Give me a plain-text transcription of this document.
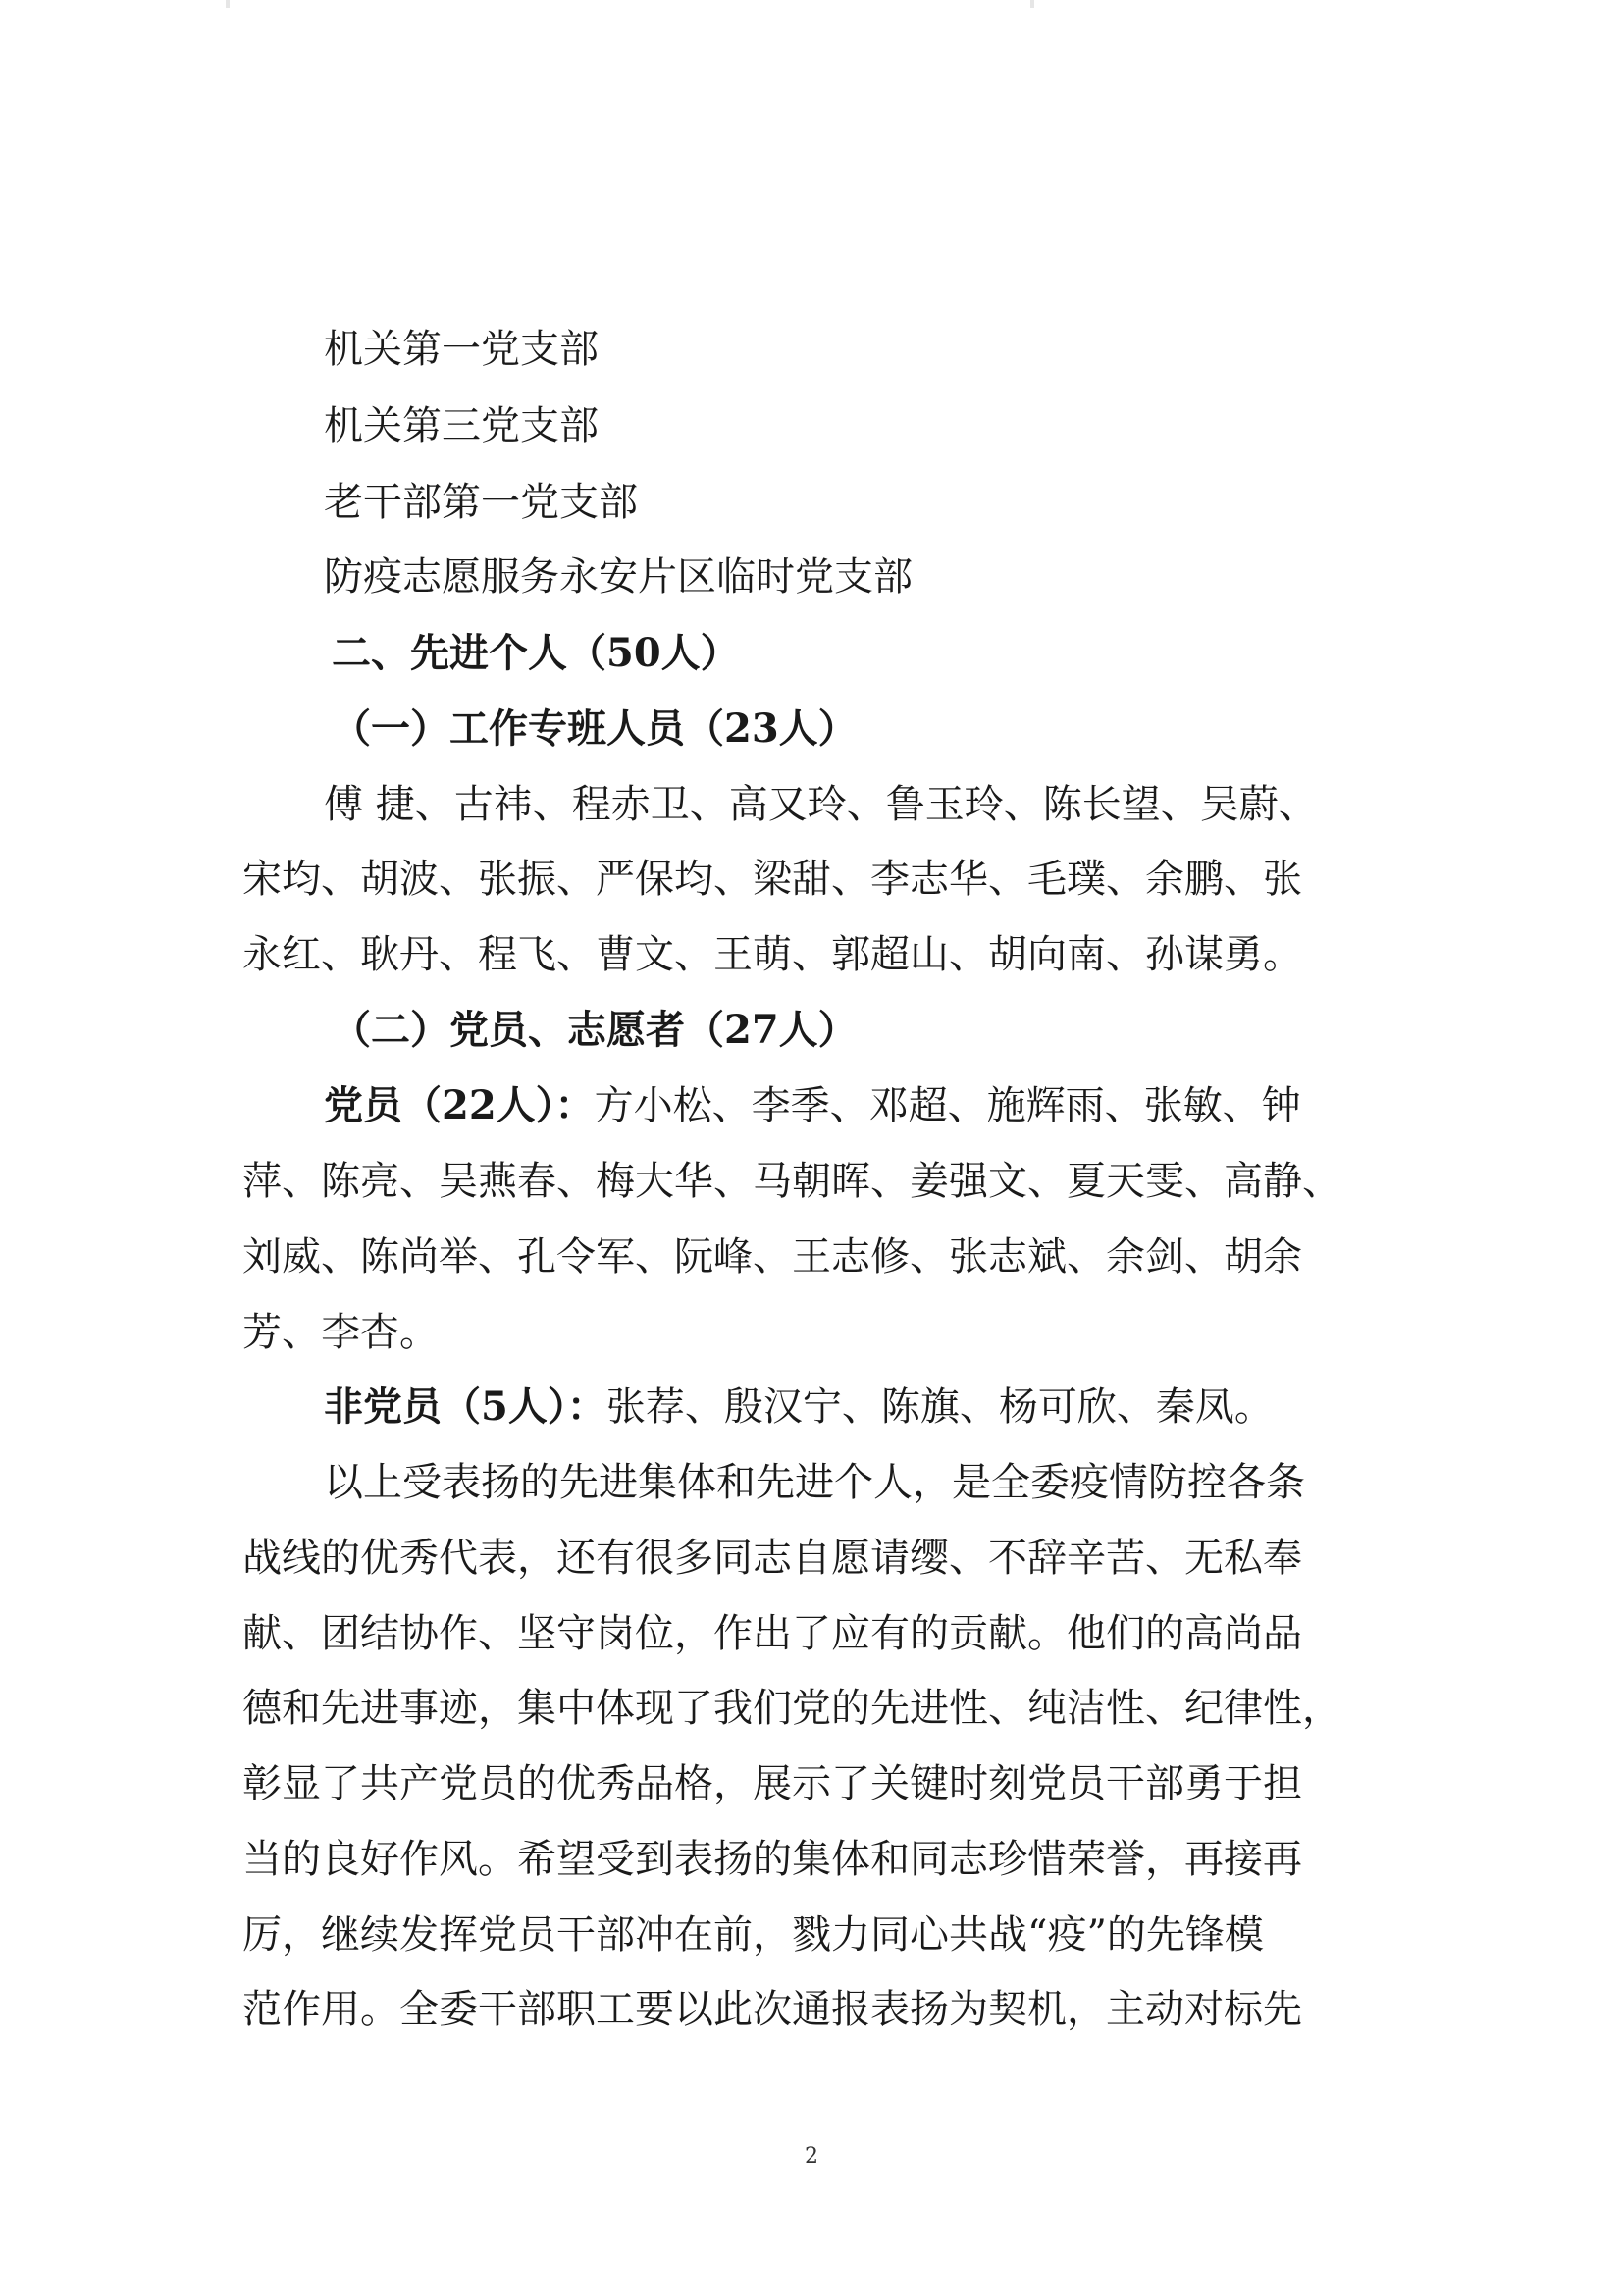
机关第一党支部
机关第三党支部
老干部第一党支部
防疫志愿服务永安片区临时党支部
二、先进个人（50人）
（一）工作专班人员（23人）
傅 捷、古祎、程赤卫、高又玲、鲁玉玲、陈长望、吴蔚、
宋均、胡波、张振、严保均、梁甜、李志华、毛璞、余鹏、张
永红、耿丹、程飞、曹文、王萌、郭超山、胡向南、孙谋勇。
（二）党员、志愿者（27人）
党员（22人）：方小松、李季、邓超、施辉雨、张敏、钟
萍、陈亮、吴燕春、梅大华、马朝晖、姜强文、夏天雯、高静、
刘威、陈尚举、孔令军、阮峰、王志修、张志斌、余剑、胡余
芳、李杏。
非党员（5人）：张荐、殷汉宁、陈旗、杨可欣、秦凤。
以上受表扬的先进集体和先进个人，是全委疫情防控各条
战线的优秀代表，还有很多同志自愿请缨、不辞辛苦、无私奉
献、团结协作、坚守岗位，作出了应有的贡献。他们的高尚品
德和先进事迹，集中体现了我们党的先进性、纯洁性、纪律性，
彰显了共产党员的优秀品格，展示了关键时刻党员干部勇于担
当的良好作风。希望受到表扬的集体和同志珍惜荣誉，再接再
厉，继续发挥党员干部冲在前，戮力同心共战“疫”的先锋模
范作用。全委干部职工要以此次通报表扬为契机，主动对标先
2
